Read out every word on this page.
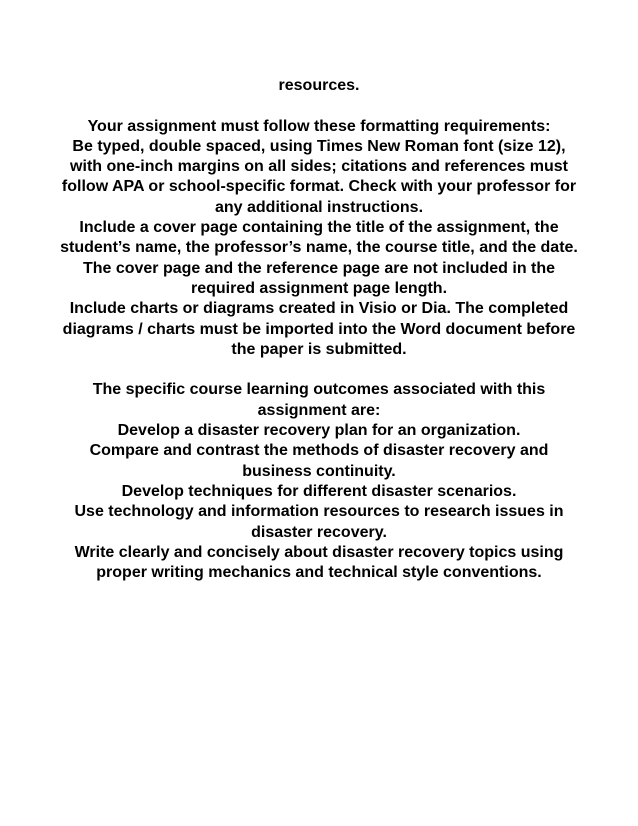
resources.

Your assignment must follow these formatting requirements:

Be typed, double spaced, using Times New Roman font (size 12), with one-inch margins on all sides; citations and references must follow APA or school-specific format. Check with your professor for any additional instructions.

Include a cover page containing the title of the assignment, the student’s name, the professor’s name, the course title, and the date. The cover page and the reference page are not included in the required assignment page length.

Include charts or diagrams created in Visio or Dia. The completed diagrams / charts must be imported into the Word document before the paper is submitted.

The specific course learning outcomes associated with this assignment are:

Develop a disaster recovery plan for an organization.

Compare and contrast the methods of disaster recovery and business continuity.

Develop techniques for different disaster scenarios.

Use technology and information resources to research issues in disaster recovery.

Write clearly and concisely about disaster recovery topics using proper writing mechanics and technical style conventions.
